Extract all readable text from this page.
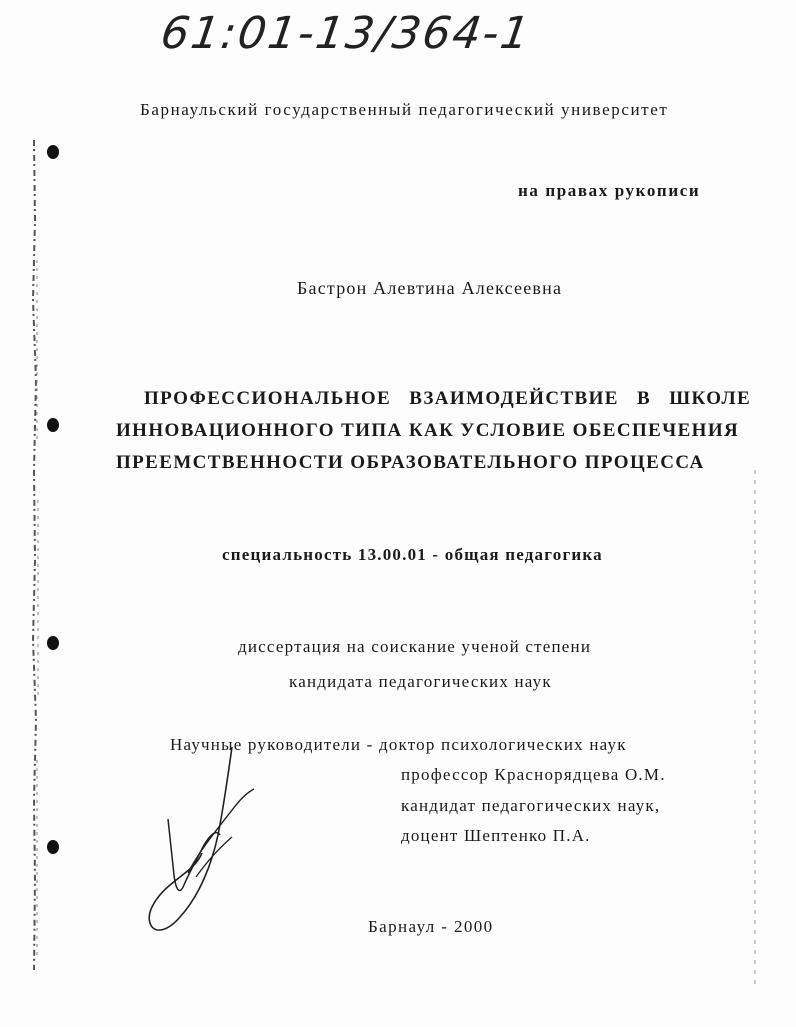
61:01-13/364-1
Барнаульский государственный педагогический университет
на правах рукописи
Бастрон Алевтина Алексеевна
ПРОФЕССИОНАЛЬНОЕ ВЗАИМОДЕЙСТВИЕ В ШКОЛЕ
ИННОВАЦИОННОГО ТИПА КАК УСЛОВИЕ ОБЕСПЕЧЕНИЯ
ПРЕЕМСТВЕННОСТИ ОБРАЗОВАТЕЛЬНОГО ПРОЦЕССА
специальность 13.00.01 - общая педагогика
диссертация на соискание ученой степени
кандидата педагогических наук
Научные руководители - доктор психологических наук
профессор Краснорядцева О.М.
кандидат педагогических наук,
доцент Шептенко П.А.
Барнаул - 2000
